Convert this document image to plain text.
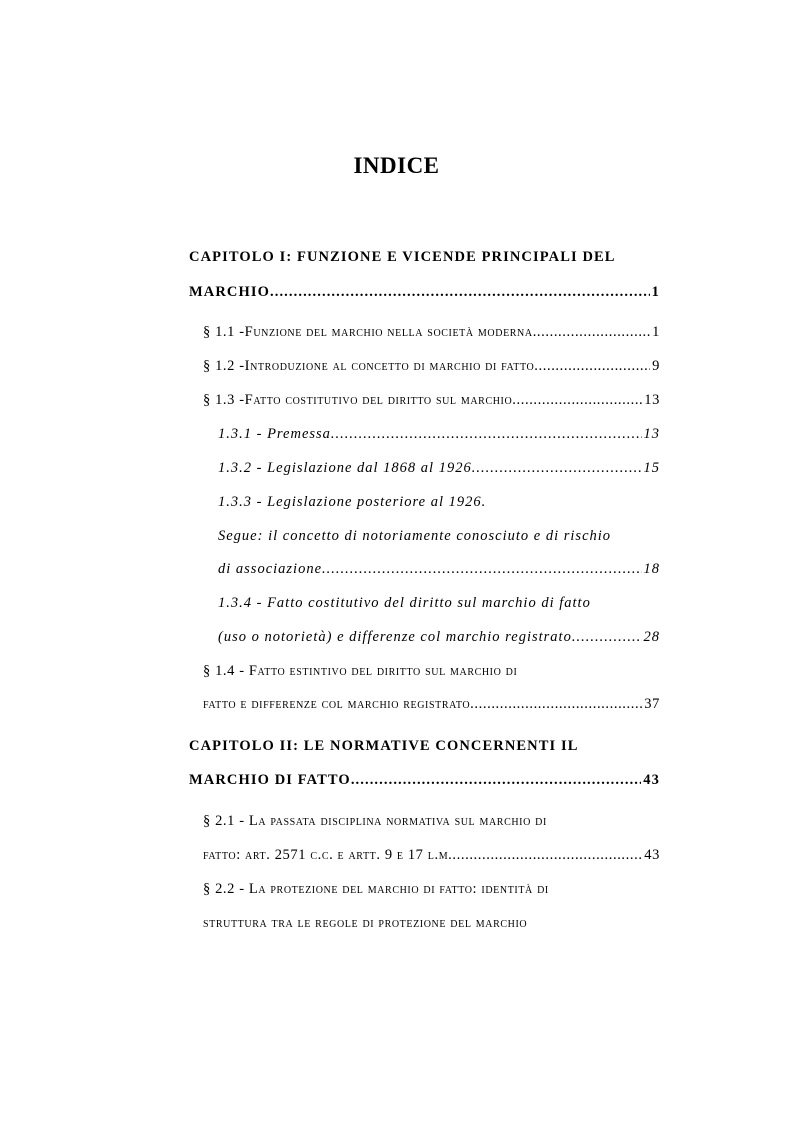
INDICE
CAPITOLO I: FUNZIONE E VICENDE PRINCIPALI DEL
MARCHIO .....	1
§ 1.1 - Funzione del marchio nella società moderna. .....	1
§ 1.2 - Introduzione al concetto di marchio di fatto. .....	9
§ 1.3 - Fatto costitutivo del diritto sul marchio. .....	13
1.3.1 - Premessa. .....	13
1.3.2 - Legislazione dal 1868 al 1926. .....	15
1.3.3 - Legislazione posteriore al 1926.
Segue: il concetto di notoriamente conosciuto e di rischio
di associazione.. .....	18
1.3.4 - Fatto costitutivo del diritto sul marchio di fatto
(uso o notorietà) e differenze col marchio registrato .....	28
§ 1.4 - Fatto estintivo del diritto sul marchio di
fatto e differenze col marchio registrato. .....	37
CAPITOLO II: LE NORMATIVE CONCERNENTI IL
MARCHIO DI FATTO .....	43
§ 2.1 - La passata disciplina normativa sul marchio di
fatto: art. 2571 c.c. e artt. 9 e 17 l.m. .....	43
§ 2.2 - La protezione del marchio di fatto: identità di
struttura tra le regole di protezione del marchio
